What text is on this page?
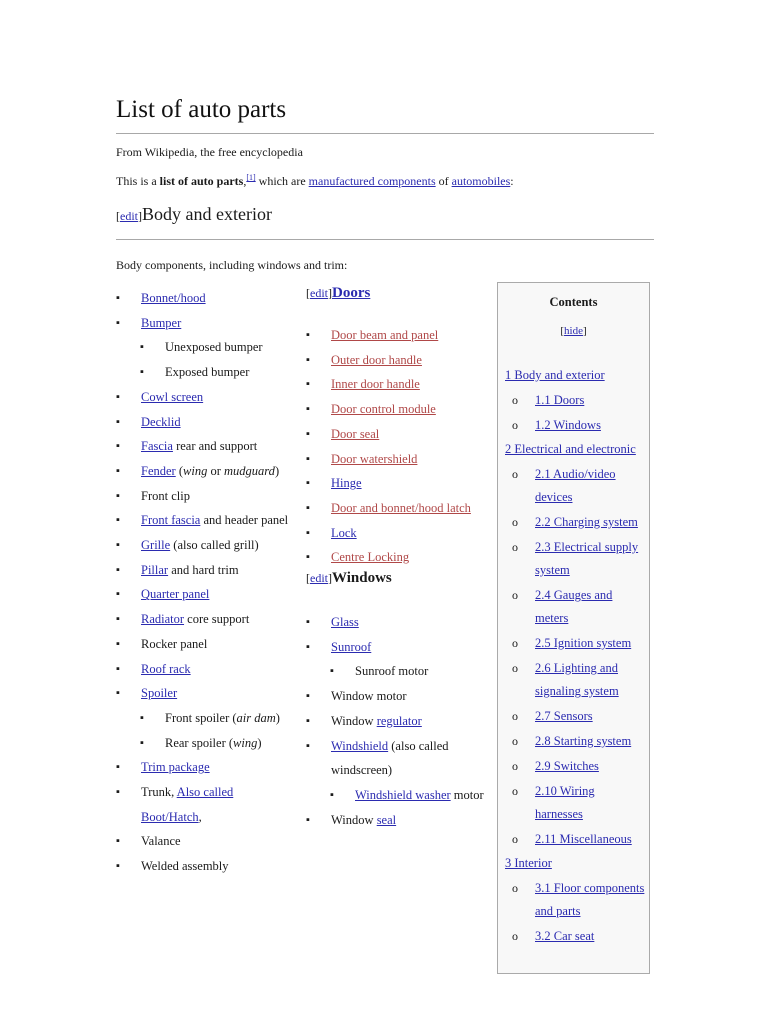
List of auto parts
From Wikipedia, the free encyclopedia
This is a list of auto parts,[1] which are manufactured components of automobiles:
[edit]Body and exterior
Body components, including windows and trim:
▪ Bonnet/hood
▪ Bumper
▪ Unexposed bumper
▪ Exposed bumper
▪ Cowl screen
▪ Decklid
▪ Fascia rear and support
▪ Fender (wing or mudguard)
▪ Front clip
▪ Front fascia and header panel
▪ Grille (also called grill)
▪ Pillar and hard trim
▪ Quarter panel
▪ Radiator core support
▪ Rocker panel
▪ Roof rack
▪ Spoiler
▪ Front spoiler (air dam)
▪ Rear spoiler (wing)
▪ Trim package
▪ Trunk, Also called
Boot/Hatch,
▪ Valance
▪ Welded assembly
[edit]Doors
▪ Door beam and panel
▪ Outer door handle
▪ Inner door handle
▪ Door control module
▪ Door seal
▪ Door watershield
▪ Hinge
▪ Door and bonnet/hood latch
▪ Lock
▪ Centre Locking
[edit]Windows
▪ Glass
▪ Sunroof
▪ Sunroof motor
▪ Window motor
▪ Window regulator
▪ Windshield (also called
windscreen)
▪ Windshield washer motor
▪ Window seal
Contents
[hide]
1 Body and exterior
o 1.1 Doors
o 1.2 Windows
2 Electrical and electronic
o 2.1 Audio/video devices
o 2.2 Charging system
o 2.3 Electrical supply system
o 2.4 Gauges and meters
o 2.5 Ignition system
o 2.6 Lighting and signaling system
o 2.7 Sensors
o 2.8 Starting system
o 2.9 Switches
o 2.10 Wiring harnesses
o 2.11 Miscellaneous
3 Interior
o 3.1 Floor components and parts
o 3.2 Car seat
